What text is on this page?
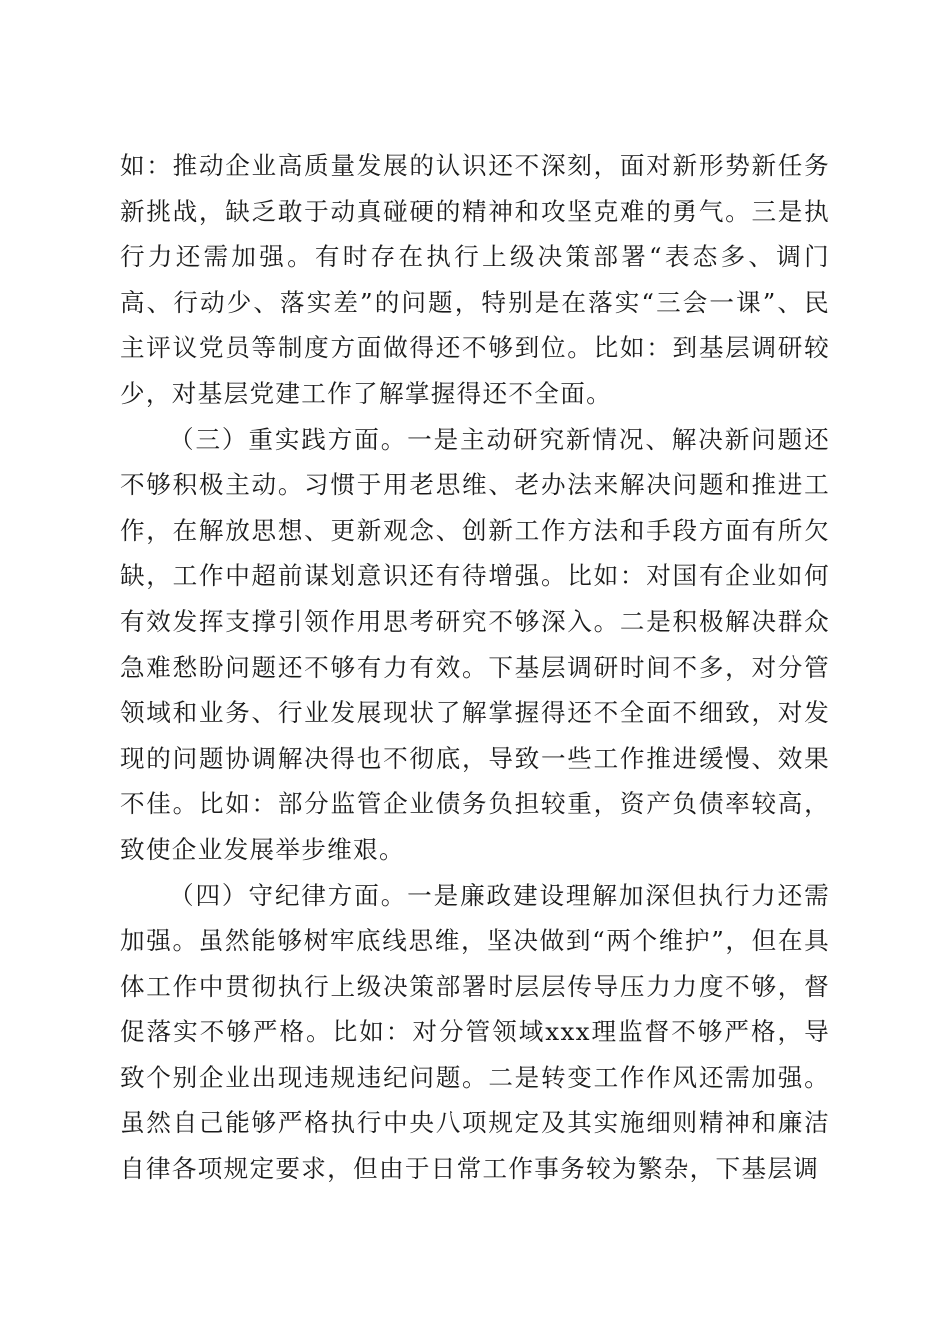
如：推动企业高质量发展的认识还不深刻，面对新形势新任务新挑战，缺乏敢于动真碰硬的精神和攻坚克难的勇气。三是执行力还需加强。有时存在执行上级决策部署“表态多、调门高、行动少、落实差”的问题，特别是在落实“三会一课”、民主评议党员等制度方面做得还不够到位。比如：到基层调研较少，对基层党建工作了解掌握得还不全面。

（三）重实践方面。一是主动研究新情况、解决新问题还不够积极主动。习惯于用老思维、老办法来解决问题和推进工作，在解放思想、更新观念、创新工作方法和手段方面有所欠缺，工作中超前谋划意识还有待增强。比如：对国有企业如何有效发挥支撑引领作用思考研究不够深入。二是积极解决群众急难愁盼问题还不够有力有效。下基层调研时间不多，对分管领域和业务、行业发展现状了解掌握得还不全面不细致，对发现的问题协调解决得也不彻底，导致一些工作推进缓慢、效果不佳。比如：部分监管企业债务负担较重，资产负债率较高，致使企业发展举步维艰。

（四）守纪律方面。一是廉政建设理解加深但执行力还需加强。虽然能够树牢底线思维，坚决做到“两个维护”，但在具体工作中贯彻执行上级决策部署时层层传导压力力度不够，督促落实不够严格。比如：对分管领域xxx理监督不够严格，导致个别企业出现违规违纪问题。二是转变工作作风还需加强。虽然自己能够严格执行中央八项规定及其实施细则精神和廉洁自律各项规定要求，但由于日常工作事务较为繁杂，下基层调
